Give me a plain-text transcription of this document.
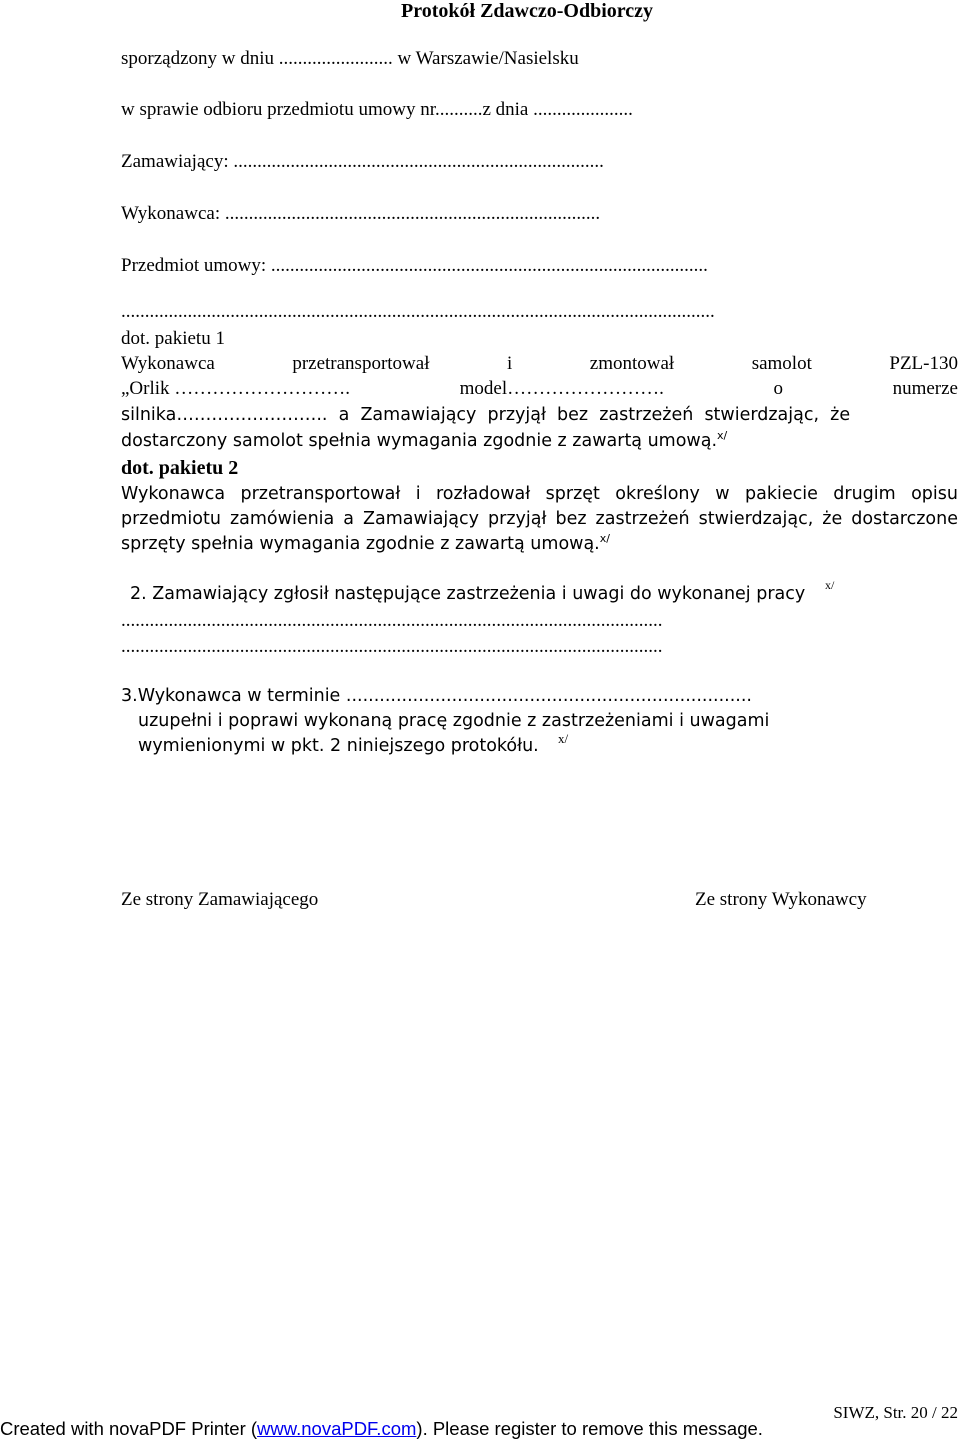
Protokół Zdawczo-Odbiorczy
sporządzony w dniu ........................ w Warszawie/Nasielsku
w sprawie odbioru przedmiotu umowy nr..........z dnia .....................
Zamawiający: ..............................................................................
Wykonawca: ...............................................................................
Przedmiot umowy: ............................................................................................
.............................................................................................................................
dot. pakietu 1
Wykonawca	przetransportował	i	zmontował	samolot	PZL-130
„Orlik ……………………….	model…………………….	o	numerze
silnika……………………..  a  Zamawiający  przyjął  bez  zastrzeżeń  stwierdzając,  że
dostarczony samolot spełnia wymagania zgodnie z zawartą umową.$^{x/}$
dot. pakietu 2
Wykonawca przetransportował i rozładował sprzęt określony w pakiecie drugim opisu przedmiotu zamówienia a Zamawiający przyjął bez zastrzeżeń stwierdzając, że dostarczone sprzęty spełnia wymagania zgodnie z zawartą umową.$^{x/}$
2. Zamawiający zgłosił następujące zastrzeżenia i uwagi do wykonanej pracy x/
..................................................................................................................
..................................................................................................................
3.Wykonawca w terminie .........................................................................
uzupełni i poprawi wykonaną pracę zgodnie z zastrzeżeniami i uwagami
wymienionymi w pkt. 2 niniejszego protokółu. x/
Ze strony Zamawiającego	Ze strony Wykonawcy
SIWZ, Str. 20 / 22
Created with novaPDF Printer (www.novaPDF.com). Please register to remove this message.
